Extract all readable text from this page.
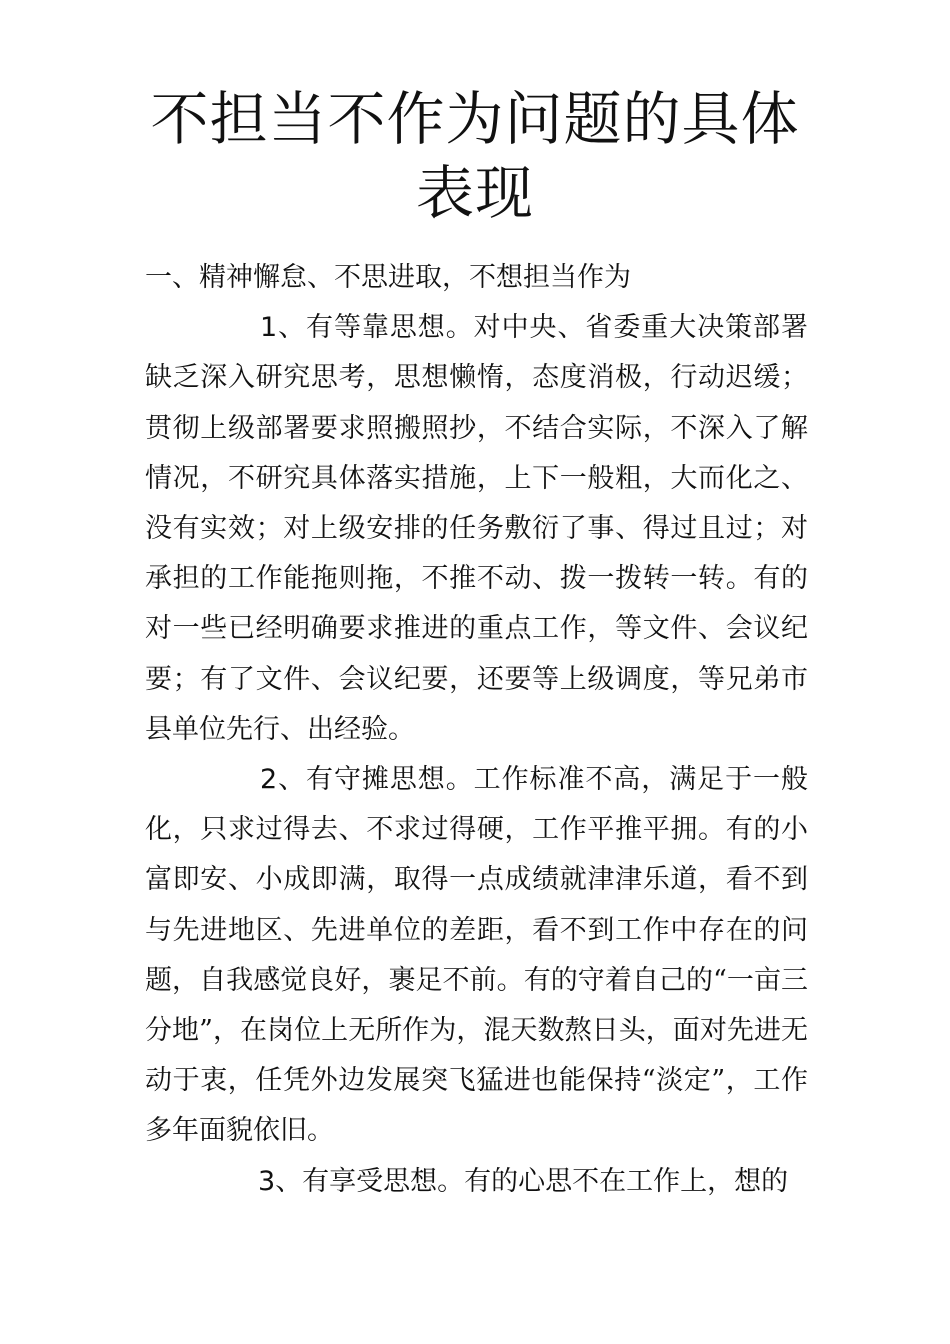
不担当不作为问题的具体表现

一、精神懈怠、不思进取，不想担当作为

1、有等靠思想。对中央、省委重大决策部署缺乏深入研究思考，思想懒惰，态度消极，行动迟缓；贯彻上级部署要求照搬照抄，不结合实际，不深入了解情况，不研究具体落实措施，上下一般粗，大而化之、没有实效；对上级安排的任务敷衍了事、得过且过；对承担的工作能拖则拖，不推不动、拨一拨转一转。有的对一些已经明确要求推进的重点工作，等文件、会议纪要；有了文件、会议纪要，还要等上级调度，等兄弟市县单位先行、出经验。

2、有守摊思想。工作标准不高，满足于一般化，只求过得去、不求过得硬，工作平推平拥。有的小富即安、小成即满，取得一点成绩就津津乐道，看不到与先进地区、先进单位的差距，看不到工作中存在的问题，自我感觉良好，裹足不前。有的守着自己的“一亩三分地”，在岗位上无所作为，混天数熬日头，面对先进无动于衷，任凭外边发展突飞猛进也能保持“淡定”，工作多年面貌依旧。

3、有享受思想。有的心思不在工作上，想的
